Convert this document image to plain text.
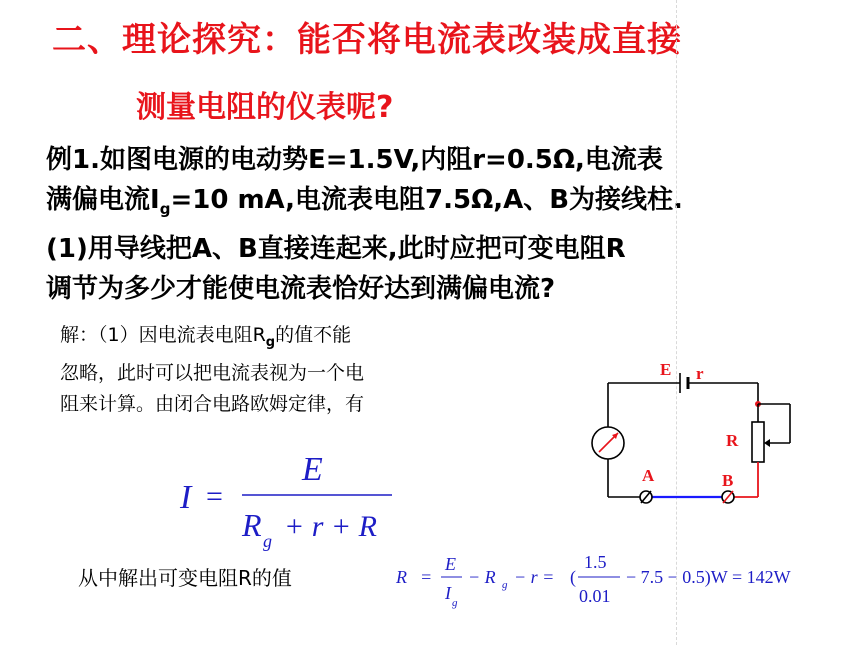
二、理论探究：能否将电流表改装成直接
测量电阻的仪表呢?
例1.如图电源的电动势E=1.5V,内阻r=0.5Ω,电流表
满偏电流$I_g=10$ mA,电流表电阻7.5Ω,A、B为接线柱.
(1)用导线把A、B直接连起来,此时应把可变电阻R
调节为多少才能使电流表恰好达到满偏电流?
解：（1）因电流表电阻$R_g$的值不能
忽略，此时可以把电流表视为一个电
阻来计算。由闭合电路欧姆定律，有
I =
E
R g + r + R
从中解出可变电阻R的值	R =
E
I g
− R g − r = (
1.5
0.01
− 7.5 − 0.5)W = 142W
E r
R
A	B
